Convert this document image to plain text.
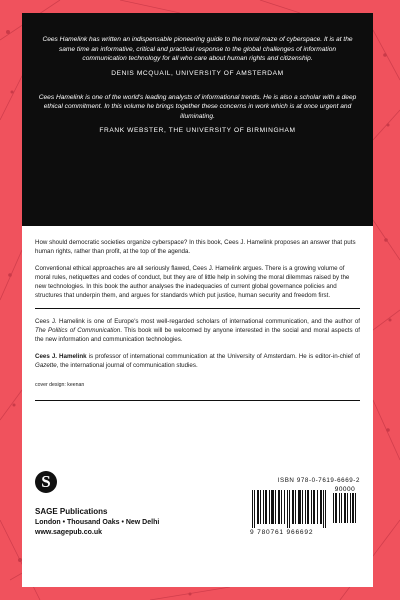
Cees Hamelink has written an indispensable pioneering guide to the moral maze of cyberspace. It is at the same time an informative, critical and practical response to the global challenges of information communication technology for all who care about human rights and citizenship.

DENIS MCQUAIL, UNIVERSITY OF AMSTERDAM

Cees Hamelink is one of the world's leading analysts of informational trends. He is also a scholar with a deep ethical commitment. In this volume he brings together these concerns in work which is at once urgent and illuminating.

FRANK WEBSTER, THE UNIVERSITY OF BIRMINGHAM

How should democratic societies organize cyberspace? In this book, Cees J. Hamelink proposes an answer that puts human rights, rather than profit, at the top of the agenda.

Conventional ethical approaches are all seriously flawed, Cees J. Hamelink argues. There is a growing volume of moral rules, netiquettes and codes of conduct, but they are of little help in solving the moral dilemmas raised by the new technologies. In this book the author analyses the inadequacies of current global governance policies and structures that underpin them, and argues for standards which put justice, human security and freedom first.

Cees J. Hamelink is one of Europe's most well-regarded scholars of international communication, and the author of The Politics of Communication. This book will be welcomed by anyone interested in the social and moral aspects of the new information and communication technologies.

Cees J. Hamelink is professor of international communication at the University of Amsterdam. He is editor-in-chief of Gazette, the international journal of communication studies.

cover design: keenan
S
SAGE Publications
London • Thousand Oaks • New Delhi
www.sagepub.co.uk
ISBN 978-0-7619-6669-2
90000
9 780761 966692
